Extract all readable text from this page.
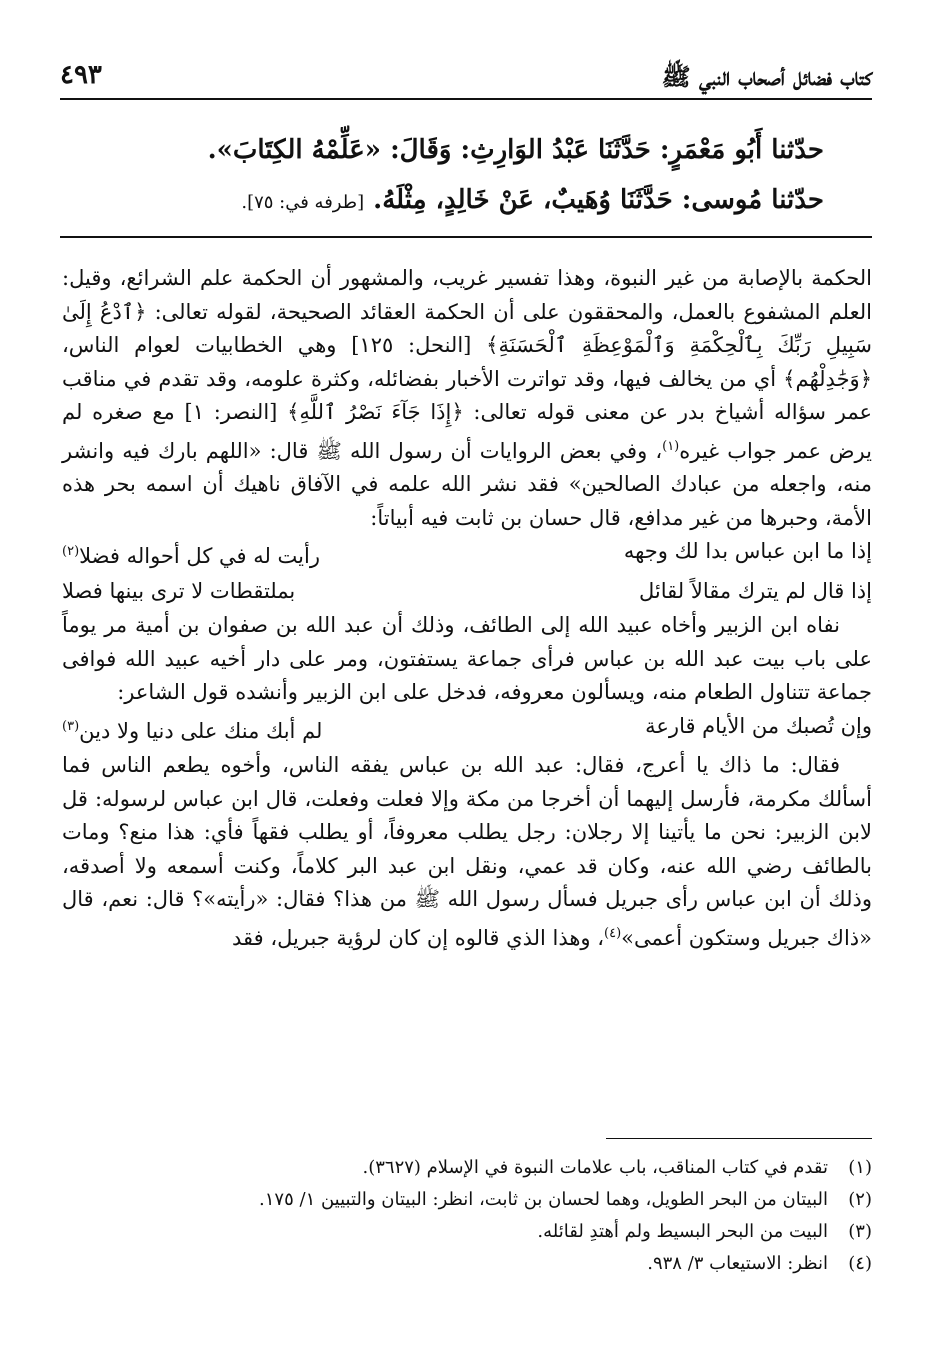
كتاب فضائل أصحاب النبي ﷺ
٤٩٣
حدّثنا أَبُو مَعْمَرٍ: حَدَّثَنَا عَبْدُ الوَارِثِ: وَقَالَ: «عَلِّمْهُ الكِتَابَ».
حدّثنا مُوسى: حَدَّثَنَا وُهَيبٌ، عَنْ خَالِدٍ، مِثْلَهُ. [طرفه في: ٧٥].

الحكمة بالإصابة من غير النبوة، وهذا تفسير غريب، والمشهور أن الحكمة علم الشرائع، وقيل: العلم المشفوع بالعمل، والمحققون على أن الحكمة العقائد الصحيحة، لقوله تعالى: ﴿ٱدْعُ إِلَىٰ سَبِيلِ رَبِّكَ بِٱلْحِكْمَةِ وَٱلْمَوْعِظَةِ ٱلْحَسَنَةِ﴾ [النحل: ١٢٥] وهي الخطابيات لعوام الناس، ﴿وَجَٰدِلْهُم﴾ أي من يخالف فيها، وقد تواترت الأخبار بفضائله، وكثرة علومه، وقد تقدم في مناقب عمر سؤاله أشياخ بدر عن معنى قوله تعالى: ﴿إِذَا جَآءَ نَصْرُ ٱللَّهِ﴾ [النصر: ١] مع صغره لم يرض عمر جواب غيره$^{(١)}$، وفي بعض الروايات أن رسول الله ﷺ قال: «اللهم بارك فيه وانشر منه، واجعله من عبادك الصالحين» فقد نشر الله علمه في الآفاق ناهيك أن اسمه بحر هذه الأمة، وحبرها من غير مدافع، قال حسان بن ثابت فيه أبياتاً:

إذا ما ابن عباس بدا لك وجهه
رأيت له في كل أحواله فضلا$^{(٢)}$
إذا قال لم يترك مقالاً لقائل
بملتقطات لا ترى بينها فصلا

نفاه ابن الزبير وأخاه عبيد الله إلى الطائف، وذلك أن عبد الله بن صفوان بن أمية مر يوماً على باب بيت عبد الله بن عباس فرأى جماعة يستفتون، ومر على دار أخيه عبيد الله فوافى جماعة تتناول الطعام منه، ويسألون معروفه، فدخل على ابن الزبير وأنشده قول الشاعر:

وإن تُصبك من الأيام قارعة
لم أبك منك على دنيا ولا دين$^{(٣)}$

فقال: ما ذاك يا أعرج، فقال: عبد الله بن عباس يفقه الناس، وأخوه يطعم الناس فما أسألك مكرمة، فأرسل إليهما أن أخرجا من مكة وإلا فعلت وفعلت، قال ابن عباس لرسوله: قل لابن الزبير: نحن ما يأتينا إلا رجلان: رجل يطلب معروفاً، أو يطلب فقهاً فأي: هذا منع؟ ومات بالطائف رضي الله عنه، وكان قد عمي، ونقل ابن عبد البر كلاماً، وكنت أسمعه ولا أصدقه، وذلك أن ابن عباس رأى جبريل فسأل رسول الله ﷺ من هذا؟ فقال: «رأيته»؟ قال: نعم، قال «ذاك جبريل وستكون أعمى»$^{(٤)}$، وهذا الذي قالوه إن كان لرؤية جبريل، فقد

(١)
تقدم في كتاب المناقب، باب علامات النبوة في الإسلام (٣٦٢٧).
(٢)
البيتان من البحر الطويل، وهما لحسان بن ثابت، انظر: البيتان والتبيين ١/ ١٧٥.
(٣)
البيت من البحر البسيط ولم أهتدِ لقائله.
(٤)
انظر: الاستيعاب ٣/ ٩٣٨.
